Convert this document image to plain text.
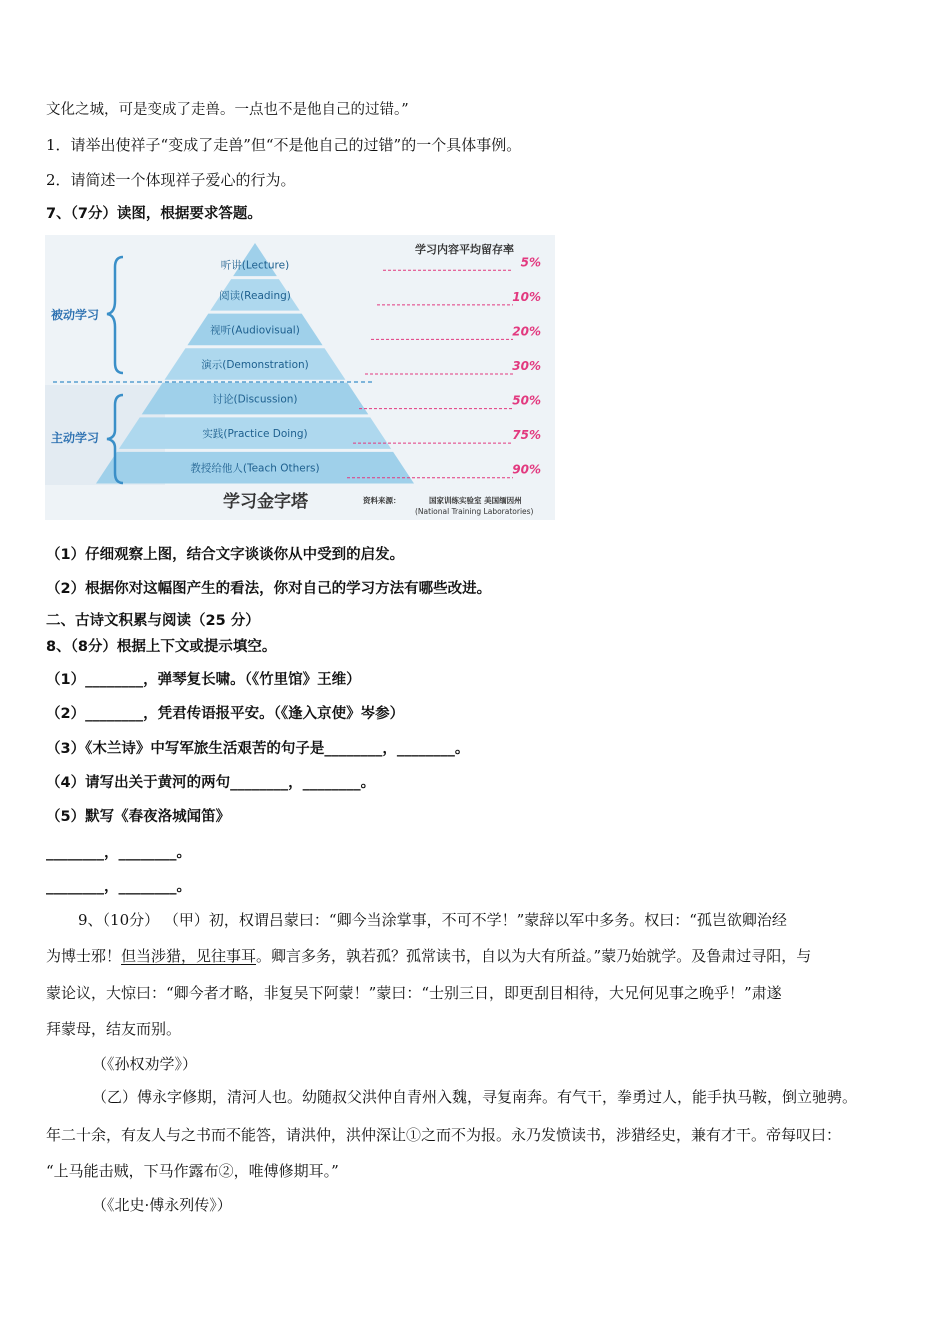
文化之城，可是变成了走兽。一点也不是他自己的过错。”
1．请举出使祥子“变成了走兽”但“不是他自己的过错”的一个具体事例。
2．请简述一个体现祥子爱心的行为。
7、（7分）读图，根据要求答题。
听讲(Lecture)
阅读(Reading)
视听(Audiovisual)
演示(Demonstration)
讨论(Discussion)
实践(Practice Doing)
教授给他人(Teach Others)
被动学习
主动学习
学习内容平均留存率
5%
10%
20%
30%
50%
75%
90%
学习金字塔	资料来源：	国家训练实验室 美国缅因州
(National Training Laboratories)
（1）仔细观察上图，结合文字谈谈你从中受到的启发。
（2）根据你对这幅图产生的看法，你对自己的学习方法有哪些改进。
二、古诗文积累与阅读（25 分）
8、（8分）根据上下文或提示填空。
（1）________，弹琴复长啸。（《竹里馆》王维）
（2）________，凭君传语报平安。（《逢入京使》岑参）
（3）《木兰诗》中写军旅生活艰苦的句子是________，________。
（4）请写出关于黄河的两句________，________。
（5）默写《春夜洛城闻笛》
________，________。
________，________。
9、（10分） （甲）初，权谓吕蒙曰：“卿今当涂掌事，不可不学！”蒙辞以军中多务。权曰：“孤岂欲卿治经
为博士邪！但当涉猎，见往事耳。卿言多务，孰若孤？孤常读书，自以为大有所益。”蒙乃始就学。及鲁肃过寻阳，与
蒙论议，大惊曰：“卿今者才略，非复吴下阿蒙！”蒙曰：“士别三日，即更刮目相待，大兄何见事之晚乎！”肃遂
拜蒙母，结友而别。
（《孙权劝学》）
（乙）傅永字修期，清河人也。幼随叔父洪仲自青州入魏，寻复南奔。有气干，拳勇过人，能手执马鞍，倒立驰骋。
年二十余，有友人与之书而不能答，请洪仲，洪仲深让①之而不为报。永乃发愤读书，涉猎经史，兼有才干。帝每叹曰：
“上马能击贼，下马作露布②，唯傅修期耳。”
（《北史·傅永列传》）
